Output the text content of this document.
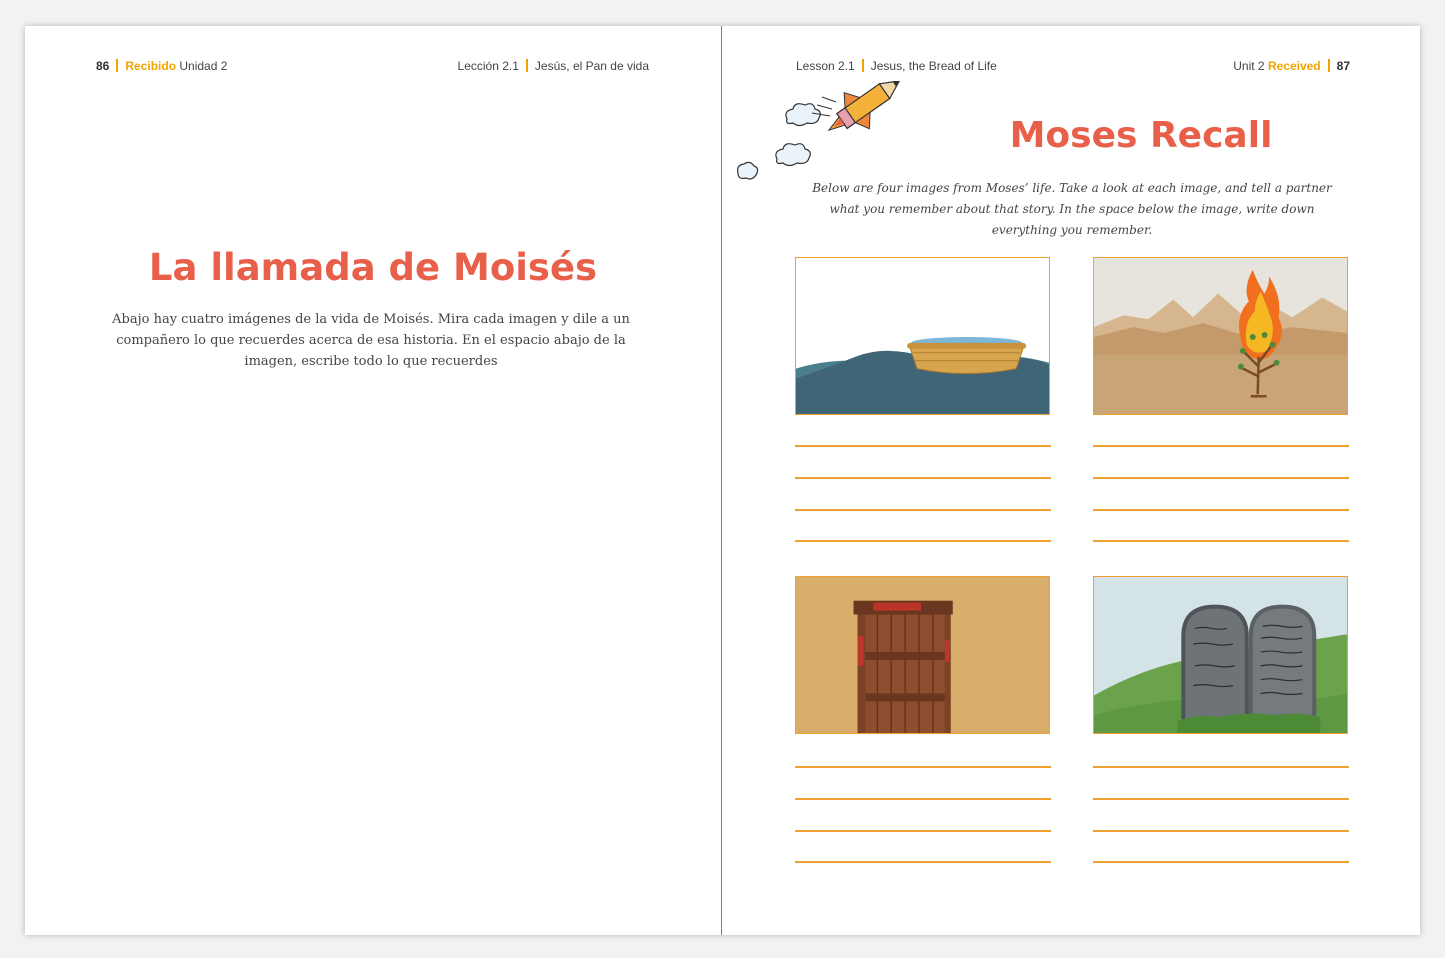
86 Recibido Unidad 2	Lección 2.1 Jesús, el Pan de vida
La llamada de Moisés
Abajo hay cuatro imágenes de la vida de Moisés. Mira cada imagen y dile a un compañero lo que recuerdes acerca de esa historia. En el espacio abajo de la imagen, escribe todo lo que recuerdes
Lesson 2.1 Jesus, the Bread of Life	Unit 2 Received 87
Moses Recall
Below are four images from Moses’ life. Take a look at each image, and tell a partner what you remember about that story. In the space below the image, write down everything you remember.
